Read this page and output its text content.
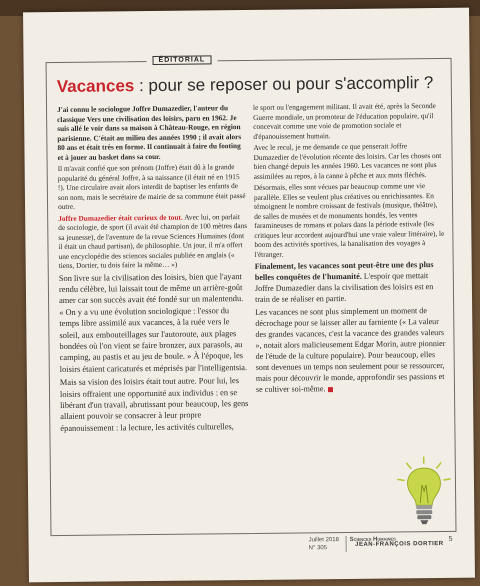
ÉDITORIAL
Vacances : pour se reposer ou pour s'accomplir ?

J'ai connu le sociologue Joffre Dumazedier, l'auteur du classique Vers une civilisation des loisirs, paru en 1962. Je suis allé le voir dans sa maison à Château-Rouge, en région parisienne. C'était au milieu des années 1990 ; il avait alors 80 ans et était très en forme. Il continuait à faire du footing et à jouer au basket dans sa cour.

Il m'avait confié que son prénom (Joffre) était dû à la grande popularité du général Joffre, à sa naissance (il était né en 1915 !). Une circulaire avait alors interdit de baptiser les enfants de son nom, mais le secrétaire de mairie de sa commune était passé outre.

Joffre Dumazedier était curieux de tout. Avec lui, on parlait de sociologie, de sport (il avait été champion de 100 mètres dans sa jeunesse), de l'aventure de la revue Sciences Humaines (dont il était un chaud partisan), de philosophie. Un jour, il m'a offert une encyclopédie des sciences sociales publiée en anglais (« tiens, Dortier, tu dois faire la même… »)

Son livre sur la civilisation des loisirs, bien que l'ayant rendu célèbre, lui laissait tout de même un arrière-goût amer car son succès avait été fondé sur un malentendu. « On y a vu une évolution sociologique : l'essor du temps libre assimilé aux vacances, à la ruée vers le soleil, aux embouteillages sur l'autoroute, aux plages bondées où l'on vient se faire bronzer, aux parasols, au camping, au pastis et au jeu de boule. » À l'époque, les loisirs étaient caricaturés et méprisés par l'intelligentsia.

Mais sa vision des loisirs était tout autre. Pour lui, les loisirs offraient une opportunité aux individus : en se libérant d'un travail, abrutissant pour beaucoup, les gens allaient pouvoir se consacrer à leur propre épanouissement : la lecture, les activités culturelles,

le sport ou l'engagement militant. Il avait été, après la Seconde Guerre mondiale, un promoteur de l'éducation populaire, qu'il concevait comme une voie de promotion sociale et d'épanouissement humain.

Avec le recul, je me demande ce que penserait Joffre Dumazedier de l'évolution récente des loisirs. Car les choses ont bien changé depuis les années 1960. Les vacances ne sont plus assimilées au repos, à la canne à pêche et aux mots fléchés.

Désormais, elles sont vécues par beaucoup comme une vie parallèle. Elles se veulent plus créatives ou enrichissantes. En témoignent le nombre croissant de festivals (musique, théâtre), de salles de musées et de monuments bondés, les ventes faramineuses de romans et polars dans la période estivale (les critiques leur accordent aujourd'hui une vraie valeur littéraire), le boom des activités sportives, la banalisation des voyages à l'étranger.

Finalement, les vacances sont peut-être une des plus belles conquêtes de l'humanité. L'espoir que mettait Joffre Dumazedier dans la civilisation des loisirs est en train de se réaliser en partie.

Les vacances ne sont plus simplement un moment de décrochage pour se laisser aller au farniente (« La valeur des grandes vacances, c'est la vacance des grandes valeurs », notait alors malicieusement Edgar Morin, autre pionnier de l'étude de la culture populaire). Pour beaucoup, elles sont devenues un temps non seulement pour se ressourcer, mais pour découvrir le monde, approfondir ses passions et se cultiver soi-même.

JEAN-FRANÇOIS DORTIER
Juillet 2018 Sciences Humaines
N° 305
5
